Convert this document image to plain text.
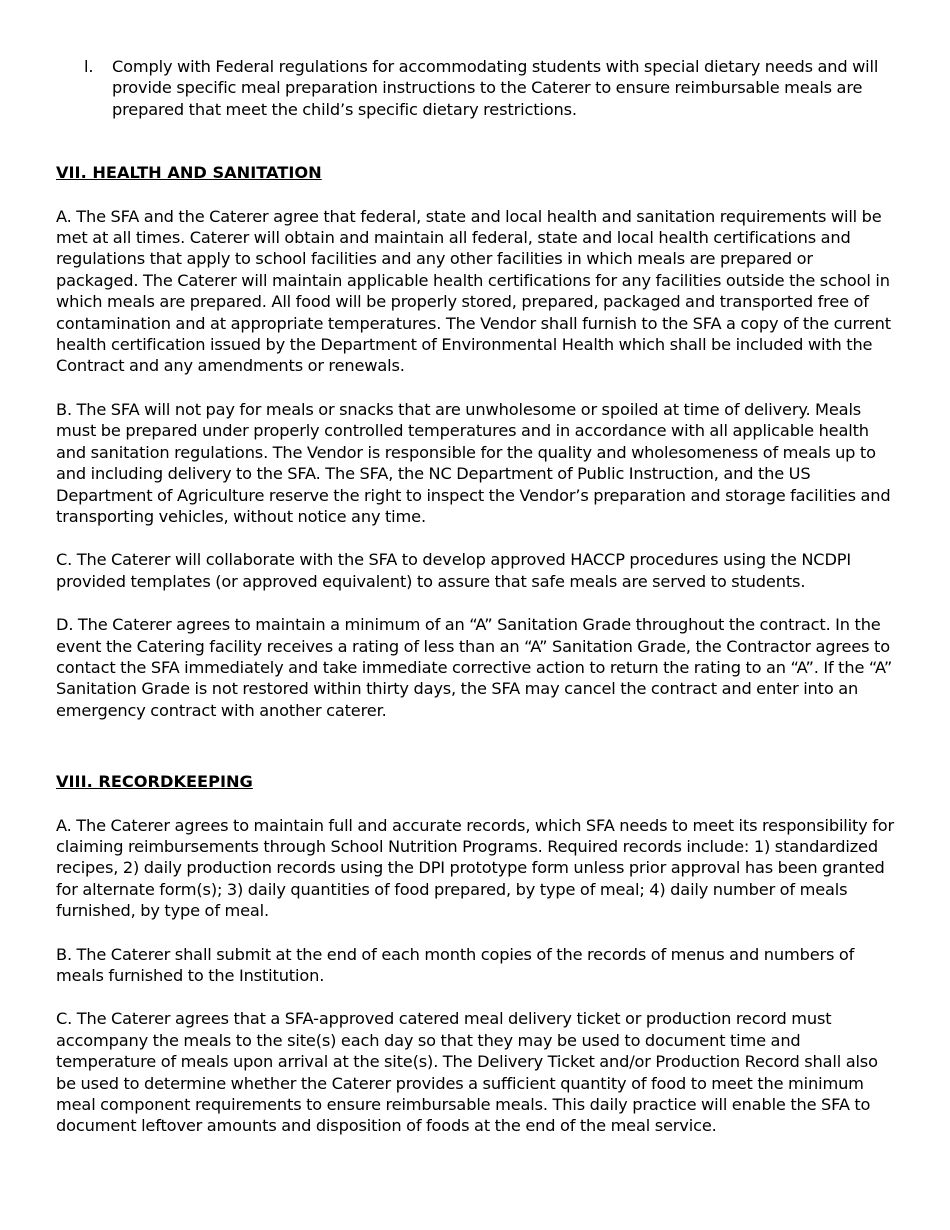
l.	Comply with Federal regulations for accommodating students with special dietary needs and will provide specific meal preparation instructions to the Caterer to ensure reimbursable meals are prepared that meet the child’s specific dietary restrictions.
VII. HEALTH AND SANITATION

A. The SFA and the Caterer agree that federal, state and local health and sanitation requirements will be met at all times. Caterer will obtain and maintain all federal, state and local health certifications and regulations that apply to school facilities and any other facilities in which meals are prepared or packaged. The Caterer will maintain applicable health certifications for any facilities outside the school in which meals are prepared. All food will be properly stored, prepared, packaged and transported free of contamination and at appropriate temperatures. The Vendor shall furnish to the SFA a copy of the current health certification issued by the Department of Environmental Health which shall be included with the Contract and any amendments or renewals.

B. The SFA will not pay for meals or snacks that are unwholesome or spoiled at time of delivery. Meals must be prepared under properly controlled temperatures and in accordance with all applicable health and sanitation regulations. The Vendor is responsible for the quality and wholesomeness of meals up to and including delivery to the SFA. The SFA, the NC Department of Public Instruction, and the US Department of Agriculture reserve the right to inspect the Vendor’s preparation and storage facilities and transporting vehicles, without notice any time.

C. The Caterer will collaborate with the SFA to develop approved HACCP procedures using the NCDPI provided templates (or approved equivalent) to assure that safe meals are served to students.

D. The Caterer agrees to maintain a minimum of an “A” Sanitation Grade throughout the contract. In the event the Catering facility receives a rating of less than an “A” Sanitation Grade, the Contractor agrees to contact the SFA immediately and take immediate corrective action to return the rating to an “A”. If the “A” Sanitation Grade is not restored within thirty days, the SFA may cancel the contract and enter into an emergency contract with another caterer.

VIII. RECORDKEEPING

A. The Caterer agrees to maintain full and accurate records, which SFA needs to meet its responsibility for claiming reimbursements through School Nutrition Programs. Required records include: 1) standardized recipes, 2) daily production records using the DPI prototype form unless prior approval has been granted for alternate form(s); 3) daily quantities of food prepared, by type of meal; 4) daily number of meals furnished, by type of meal.

B. The Caterer shall submit at the end of each month copies of the records of menus and numbers of meals furnished to the Institution.

C. The Caterer agrees that a SFA-approved catered meal delivery ticket or production record must accompany the meals to the site(s) each day so that they may be used to document time and temperature of meals upon arrival at the site(s). The Delivery Ticket and/or Production Record shall also be used to determine whether the Caterer provides a sufficient quantity of food to meet the minimum meal component requirements to ensure reimbursable meals. This daily practice will enable the SFA to document leftover amounts and disposition of foods at the end of the meal service.
